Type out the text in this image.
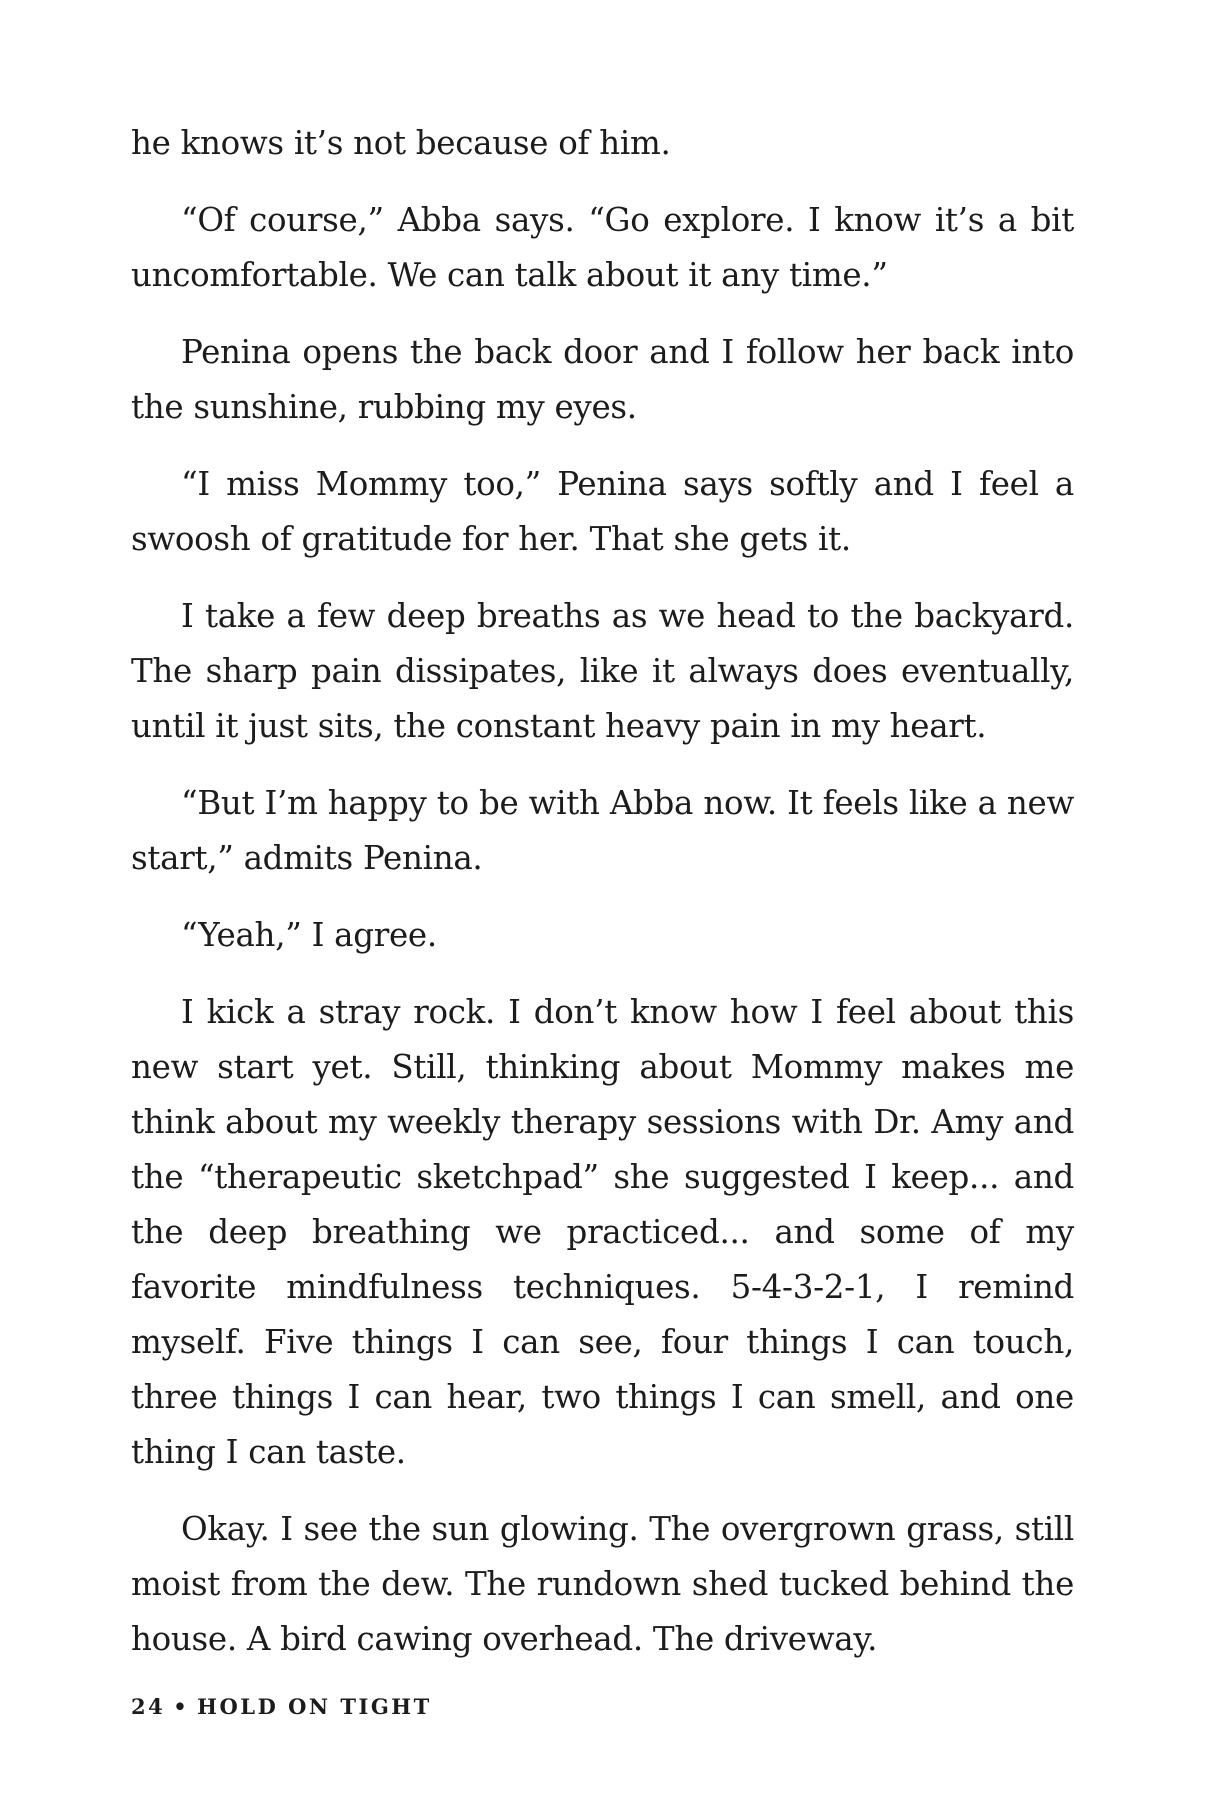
he knows it’s not because of him.

“Of course,” Abba says. “Go explore. I know it’s a bit uncomfortable. We can talk about it any time.”

Penina opens the back door and I follow her back into the sunshine, rubbing my eyes.

“I miss Mommy too,” Penina says softly and I feel a swoosh of gratitude for her. That she gets it.

I take a few deep breaths as we head to the backyard. The sharp pain dissipates, like it always does eventually, until it just sits, the constant heavy pain in my heart.

“But I’m happy to be with Abba now. It feels like a new start,” admits Penina.

“Yeah,” I agree.

I kick a stray rock. I don’t know how I feel about this new start yet. Still, thinking about Mommy makes me think about my weekly therapy sessions with Dr. Amy and the “therapeutic sketchpad” she suggested I keep... and the deep breathing we practiced... and some of my favorite mindfulness techniques. 5-4-3-2-1, I remind myself. Five things I can see, four things I can touch, three things I can hear, two things I can smell, and one thing I can taste.

Okay. I see the sun glowing. The overgrown grass, still moist from the dew. The rundown shed tucked behind the house. A bird cawing overhead. The driveway.

24 • HOLD ON TIGHT
